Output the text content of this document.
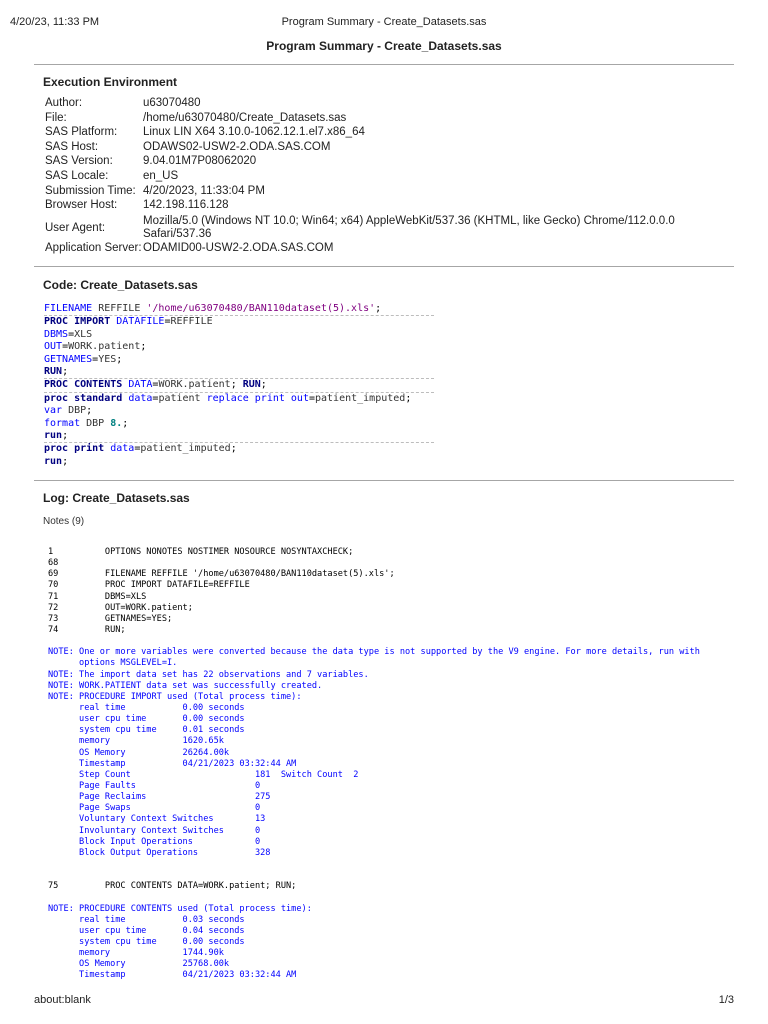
4/20/23, 11:33 PM	Program Summary - Create_Datasets.sas
Program Summary - Create_Datasets.sas
Execution Environment
Author:	u63070480
File:	/home/u63070480/Create_Datasets.sas
SAS Platform:	Linux LIN X64 3.10.0-1062.12.1.el7.x86_64
SAS Host:	ODAWS02-USW2-2.ODA.SAS.COM
SAS Version:	9.04.01M7P08062020
SAS Locale:	en_US
Submission Time: 4/20/2023, 11:33:04 PM
Browser Host:	142.198.116.128
User Agent:
Mozilla/5.0 (Windows NT 10.0; Win64; x64) AppleWebKit/537.36 (KHTML, like Gecko) Chrome/112.0.0.0 Safari/537.36
Application Server: ODAMID00-USW2-2.ODA.SAS.COM
Code: Create_Datasets.sas
FILENAME REFFILE '/home/u63070480/BAN110dataset(5).xls';
PROC IMPORT DATAFILE=REFFILE
DBMS=XLS
OUT=WORK.patient;
GETNAMES=YES;
RUN;
PROC CONTENTS DATA=WORK.patient; RUN;
proc standard data=patient replace print out=patient_imputed;
var DBP;
format DBP 8.;
run;
proc print data=patient_imputed;
run;
Log: Create_Datasets.sas
Notes (9)
1          OPTIONS NONOTES NOSTIMER NOSOURCE NOSYNTAXCHECK;
68
69         FILENAME REFFILE '/home/u63070480/BAN110dataset(5).xls';
70         PROC IMPORT DATAFILE=REFFILE
71         DBMS=XLS
72         OUT=WORK.patient;
73         GETNAMES=YES;
74         RUN;
NOTE: One or more variables were converted because the data type is not supported by the V9 engine. For more details, run with
options MSGLEVEL=I.
NOTE: The import data set has 22 observations and 7 variables.
NOTE: WORK.PATIENT data set was successfully created.
NOTE: PROCEDURE IMPORT used (Total process time):
real time           0.00 seconds
user cpu time       0.00 seconds
system cpu time     0.01 seconds
memory              1620.65k
OS Memory           26264.00k
Timestamp           04/21/2023 03:32:44 AM
Step Count                        181  Switch Count  2
Page Faults                       0
Page Reclaims                     275
Page Swaps                        0
Voluntary Context Switches        13
Involuntary Context Switches      0
Block Input Operations            0
Block Output Operations           328
75         PROC CONTENTS DATA=WORK.patient; RUN;
NOTE: PROCEDURE CONTENTS used (Total process time):
real time           0.03 seconds
user cpu time       0.04 seconds
system cpu time     0.00 seconds
memory              1744.90k
OS Memory           25768.00k
Timestamp           04/21/2023 03:32:44 AM
about:blank	1/3
